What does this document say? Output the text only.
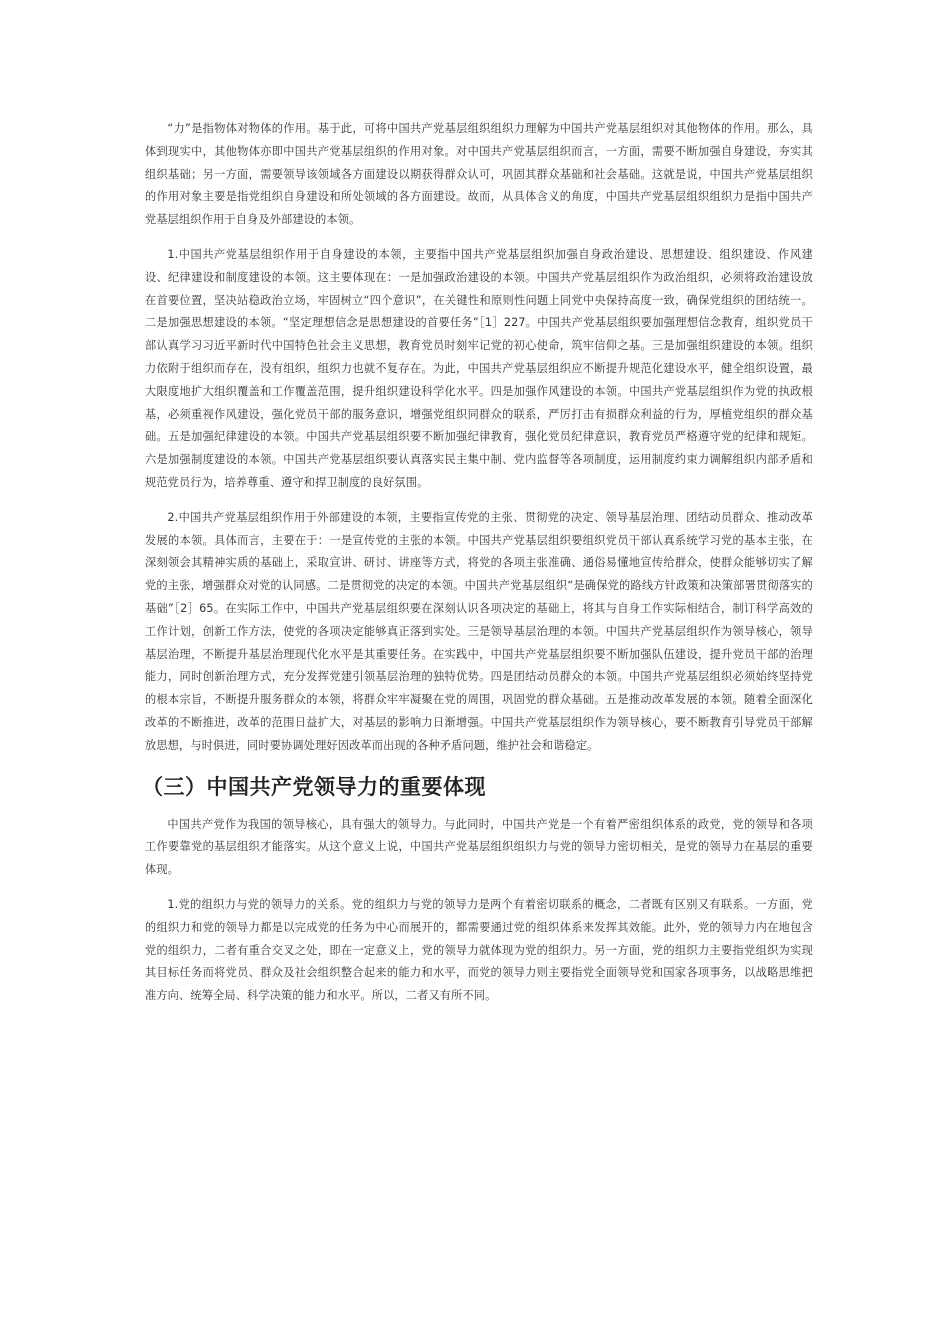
“力”是指物体对物体的作用。基于此，可将中国共产党基层组织组织力理解为中国共产党基层组织对其他物体的作用。那么，具体到现实中，其他物体亦即中国共产党基层组织的作用对象。对中国共产党基层组织而言，一方面，需要不断加强自身建设，夯实其组织基础；另一方面，需要领导该领域各方面建设以期获得群众认可，巩固其群众基础和社会基础。这就是说，中国共产党基层组织的作用对象主要是指党组织自身建设和所处领域的各方面建设。故而，从具体含义的角度，中国共产党基层组织组织力是指中国共产党基层组织作用于自身及外部建设的本领。

1.中国共产党基层组织作用于自身建设的本领，主要指中国共产党基层组织加强自身政治建设、思想建设、组织建设、作风建设、纪律建设和制度建设的本领。这主要体现在：一是加强政治建设的本领。中国共产党基层组织作为政治组织，必须将政治建设放在首要位置，坚决站稳政治立场，牢固树立“四个意识”，在关键性和原则性问题上同党中央保持高度一致，确保党组织的团结统一。二是加强思想建设的本领。“坚定理想信念是思想建设的首要任务”［1］227。中国共产党基层组织要加强理想信念教育，组织党员干部认真学习习近平新时代中国特色社会主义思想，教育党员时刻牢记党的初心使命，筑牢信仰之基。三是加强组织建设的本领。组织力依附于组织而存在，没有组织，组织力也就不复存在。为此，中国共产党基层组织应不断提升规范化建设水平，健全组织设置，最大限度地扩大组织覆盖和工作覆盖范围，提升组织建设科学化水平。四是加强作风建设的本领。中国共产党基层组织作为党的执政根基，必须重视作风建设，强化党员干部的服务意识，增强党组织同群众的联系，严厉打击有损群众利益的行为，厚植党组织的群众基础。五是加强纪律建设的本领。中国共产党基层组织要不断加强纪律教育，强化党员纪律意识，教育党员严格遵守党的纪律和规矩。六是加强制度建设的本领。中国共产党基层组织要认真落实民主集中制、党内监督等各项制度，运用制度约束力调解组织内部矛盾和规范党员行为，培养尊重、遵守和捍卫制度的良好氛围。

2.中国共产党基层组织作用于外部建设的本领，主要指宣传党的主张、贯彻党的决定、领导基层治理、团结动员群众、推动改革发展的本领。具体而言，主要在于：一是宣传党的主张的本领。中国共产党基层组织要组织党员干部认真系统学习党的基本主张，在深刻领会其精神实质的基础上，采取宣讲、研讨、讲座等方式，将党的各项主张准确、通俗易懂地宣传给群众，使群众能够切实了解党的主张，增强群众对党的认同感。二是贯彻党的决定的本领。中国共产党基层组织“是确保党的路线方针政策和决策部署贯彻落实的基础”［2］65。在实际工作中，中国共产党基层组织要在深刻认识各项决定的基础上，将其与自身工作实际相结合，制订科学高效的工作计划，创新工作方法，使党的各项决定能够真正落到实处。三是领导基层治理的本领。中国共产党基层组织作为领导核心，领导基层治理，不断提升基层治理现代化水平是其重要任务。在实践中，中国共产党基层组织要不断加强队伍建设，提升党员干部的治理能力，同时创新治理方式，充分发挥党建引领基层治理的独特优势。四是团结动员群众的本领。中国共产党基层组织必须始终坚持党的根本宗旨，不断提升服务群众的本领，将群众牢牢凝聚在党的周围，巩固党的群众基础。五是推动改革发展的本领。随着全面深化改革的不断推进，改革的范围日益扩大，对基层的影响力日渐增强。中国共产党基层组织作为领导核心，要不断教育引导党员干部解放思想，与时俱进，同时要协调处理好因改革而出现的各种矛盾问题，维护社会和谐稳定。

（三）中国共产党领导力的重要体现

中国共产党作为我国的领导核心，具有强大的领导力。与此同时，中国共产党是一个有着严密组织体系的政党，党的领导和各项工作要靠党的基层组织才能落实。从这个意义上说，中国共产党基层组织组织力与党的领导力密切相关，是党的领导力在基层的重要体现。

1.党的组织力与党的领导力的关系。党的组织力与党的领导力是两个有着密切联系的概念，二者既有区别又有联系。一方面，党的组织力和党的领导力都是以完成党的任务为中心而展开的，都需要通过党的组织体系来发挥其效能。此外，党的领导力内在地包含党的组织力，二者有重合交叉之处，即在一定意义上，党的领导力就体现为党的组织力。另一方面，党的组织力主要指党组织为实现其目标任务而将党员、群众及社会组织整合起来的能力和水平，而党的领导力则主要指党全面领导党和国家各项事务，以战略思维把准方向、统筹全局、科学决策的能力和水平。所以，二者又有所不同。
